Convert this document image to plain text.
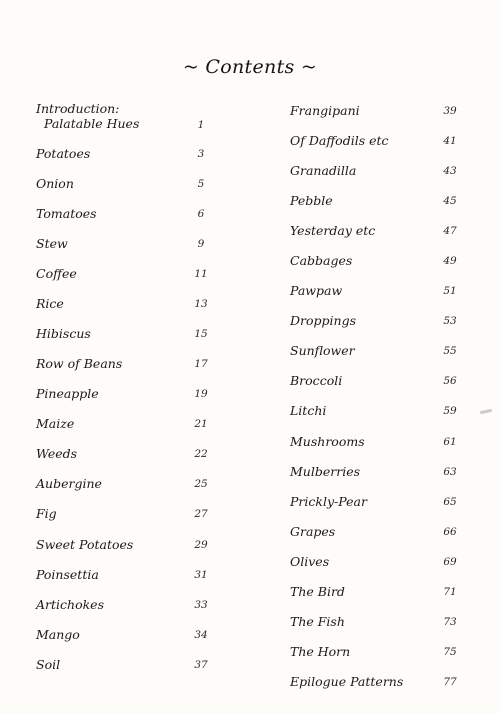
~ Contents ~
Introduction:
Palatable Hues	1
Potatoes	3
Onion	5
Tomatoes	6
Stew	9
Coffee	11
Rice	13
Hibiscus	15
Row of Beans	17
Pineapple	19
Maize	21
Weeds	22
Aubergine	25
Fig	27
Sweet Potatoes	29
Poinsettia	31
Artichokes	33
Mango	34
Soil	37
Frangipani	39
Of Daffodils etc	41
Granadilla	43
Pebble	45
Yesterday etc	47
Cabbages	49
Pawpaw	51
Droppings	53
Sunflower	55
Broccoli	56
Litchi	59
Mushrooms	61
Mulberries	63
Prickly-Pear	65
Grapes	66
Olives	69
The Bird	71
The Fish	73
The Horn	75
Epilogue Patterns	77
